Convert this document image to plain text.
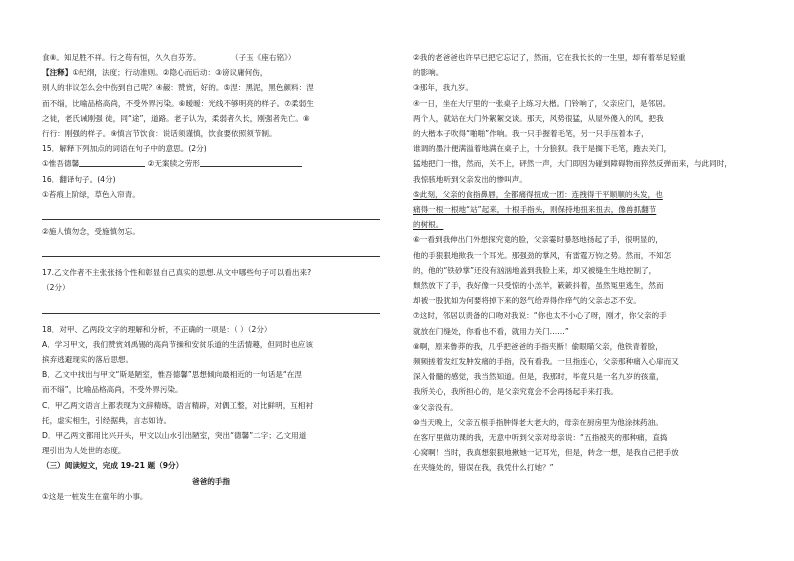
食⑧。知足胜不祥。行之苟有恒，久久自芬芳。	（子玉《座右铭》）

【注释】①纪纲，法度；行动准则。②隐心而后动：③谤议庸何伤，

别人的非议怎么会中伤到自己呢？④赧：赞赏，好的。⑤涅：黑泥，黑色颜料：涅

而不缁，比喻品格高尚，不受外界污染。⑥暧暧：光线不够明亮的样子。⑦柔弱生

之徒，老氏诫刚强 徒，同“途”，道路。老子认为，柔弱者久长，刚强者先亡。⑧

行行：刚强的样子。⑨慎言节饮食：说话须谨慎，饮食要依照须节制。

15．解释下列加点的词语在句子中的意思。(2分)

①惟吾德馨	②无案牍之劳形

16．翻译句子。(4分)

①苔痕上阶绿，草色入帘青。

②施人慎勿念，受施慎勿忘。

17.乙文作者不主张张扬个性和彰显自己真实的思想.从文中哪些句子可以看出来?

（2分）

18．对甲、乙两段文字的理解和分析，不正确的一项是：（ ）（2分）

A．学习甲文，我们赞赏刘禹锡的高尚节操和安贫乐道的生活情趣，但同时也应该

摈弃逃避现实的落后思想。

B．乙文中找出与甲文“斯是陋室，惟吾德馨”思想倾向最相近的一句话是“在涅

而不缁”，比喻品格高尚，不受外界污染。

C．甲乙两文语言上都表现为文辞精练，语言精辟，对偶工整，对比鲜明，互相衬

托，虚实相生，引经据典，言志如诗。

D．甲乙两文都用比兴开头，甲文以山水引出陋室，突出“德馨”二字；乙文用道

理引出为人处世的态度。

（三）阅读短文，完成 19-21 题（9分）

爸爸的手指

①这是一桩发生在童年的小事。

②我的老爸爸也许早已把它忘记了，然而，它在我长长的一生里，却有着举足轻重

的影响。

③那年，我九岁。

④一日，坐在大厅里的一张桌子上练习大楷。门铃响了，父亲应门，是邻居。

两个人，就站在大门外絮絮交谈。那天，风势很猛，从屋外傻入的风，把我

的大楷本子吹得“啪啪”作响。我一只手握着毛笔，另一只手压着本子，

谁调的墨汁便满溢着地满在桌子上，十分狼狈。我于是搁下毛笔，跑去关门，

猛地把门一推，然而，关不上，砰然一声，大门即因为碰到障碍物而猝然反弹而来，与此同时，

我惊骇地听到父亲发出的惨叫声。

⑤此刻，父亲的食指鼻唇，全都痛得扭成一团：连拽得干平顺顺的头发，也

痛得一根一根地“站”起来，十根手指头，则保持地扭来扭去，像兽抓翻节

的树根。

⑥一看到我伸出门外想探究竟的脸，父亲霎时暴怒地扬起了手，很明显的，

他的手狠狠地揿我一个耳光。那强劲的掌风，有雷霆万钧之势。然而，不知怎

的，他的“铁砂掌”还没有汹汹地盖到我脸上来，却又被缝生生地控制了，

颓然放下了手，我好像一只受惊的小羔羊，簌簌抖着，虽然冤里逃生，然而

却被一股犹如为何要将掉下来的怒气给弄得作痒气的父亲忐忑不安。

⑦这时，邻居以责备的口吻对我说：“你也太不小心了呀，刚才，你父亲的手

就放在门缝处，你看也不看，就用力关门……”

⑧啊，原来鲁莽的我，几乎把爸爸的手指夹断！偷眼瞄父亲，他铁青着脸，

频频搓着发红发肿发痛的手指，没有看我。一旦指连心，父亲那种痛入心扉而又

深入骨髓的感觉，我当然知道。但是，我那时，毕竟只是一名九岁的孩童，

我所关心，我所担心的，是父亲究竟会不会再扬起手来打我。

⑨父亲没有。

⑩当天晚上，父亲五根手指肿得老大老大的，母亲在厨房里为他涂抹药油。

在客厅里做功课的我，无意中听到父亲对母亲说：“五指被夹的那种痛，直捣

心窝啊！当时，我真想狠狠地揪她一记耳光，但是，转念一想，是我自己把手放

在夹缝处的，错误在我，我凭什么打她？”
